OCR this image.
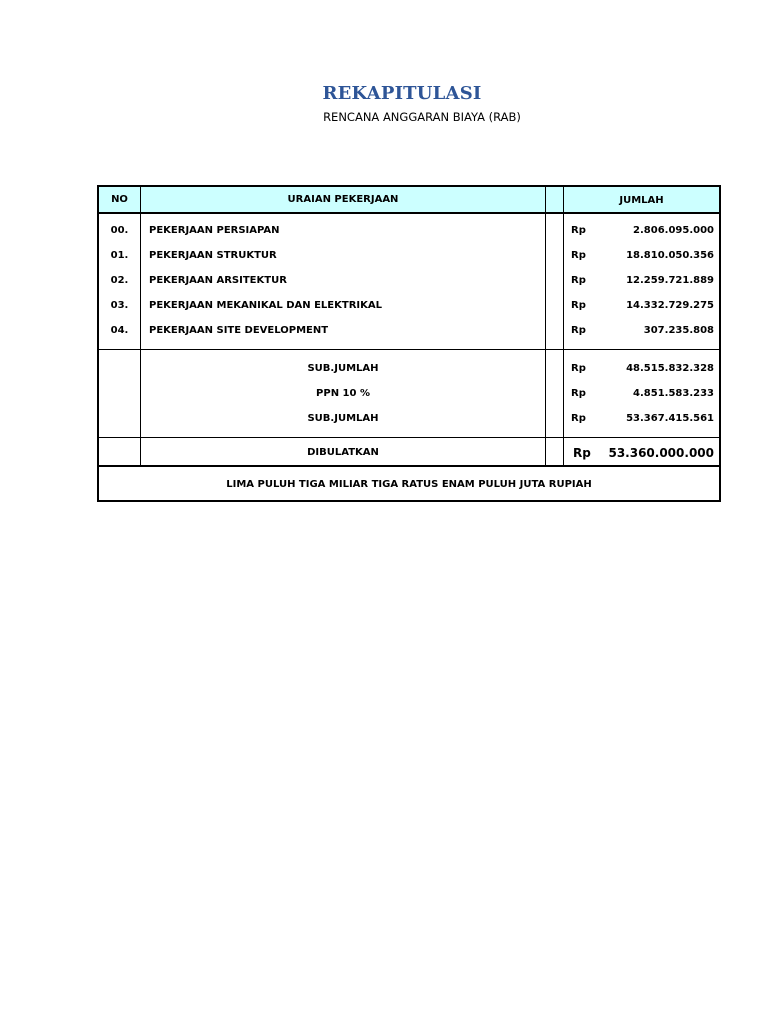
REKAPITULASI
RENCANA ANGGARAN BIAYA (RAB)
NO	URAIAN PEKERJAAN	JUMLAH
00.	PEKERJAAN PERSIAPAN	Rp	2.806.095.000
01.	PEKERJAAN STRUKTUR	Rp	18.810.050.356
02.	PEKERJAAN ARSITEKTUR	Rp	12.259.721.889
03.	PEKERJAAN MEKANIKAL DAN ELEKTRIKAL	Rp	14.332.729.275
04.	PEKERJAAN SITE DEVELOPMENT	Rp	307.235.808
SUB.JUMLAH	Rp	48.515.832.328
PPN 10 %	Rp	4.851.583.233
SUB.JUMLAH	Rp	53.367.415.561
DIBULATKAN	Rp	53.360.000.000
LIMA PULUH TIGA MILIAR TIGA RATUS ENAM PULUH JUTA RUPIAH
